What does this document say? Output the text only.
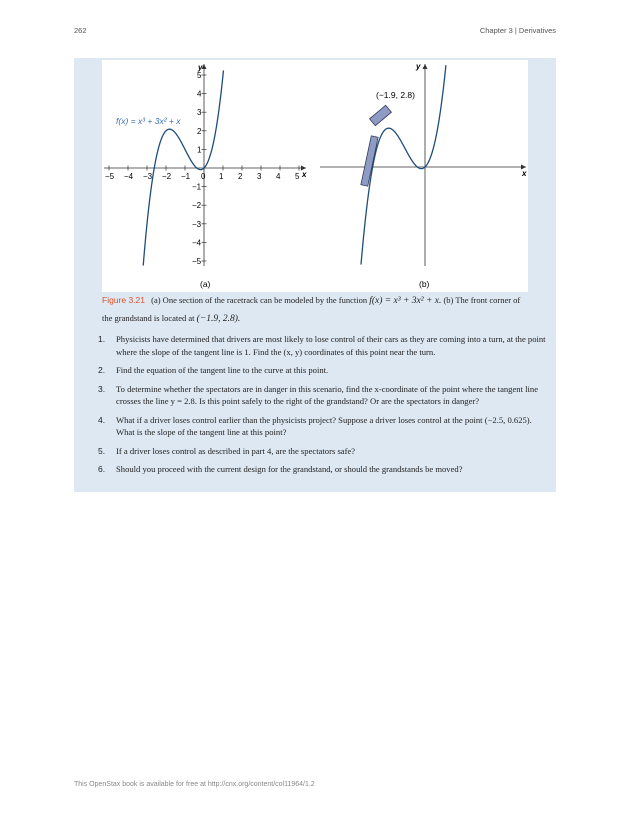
262	Chapter 3 | Derivatives
−5 −4 −3 −2 −1 0 1 2 3 4 5
5
4
3
2
1
−1
−2
−3
−4
−5
x
y
f(x) = x³ + 3x² + x
(a)
x
y
(−1.9, 2.8)
(b)
Figure 3.21 (a) One section of the racetrack can be modeled by the function f(x) = x³ + 3x² + x. (b) The front corner of the grandstand is located at (−1.9, 2.8).
1. Physicists have determined that drivers are most likely to lose control of their cars as they are coming into a turn, at the point where the slope of the tangent line is 1. Find the (x, y) coordinates of this point near the turn.
2. Find the equation of the tangent line to the curve at this point.
3. To determine whether the spectators are in danger in this scenario, find the x-coordinate of the point where the tangent line crosses the line y = 2.8. Is this point safely to the right of the grandstand? Or are the spectators in danger?
4. What if a driver loses control earlier than the physicists project? Suppose a driver loses control at the point (−2.5, 0.625). What is the slope of the tangent line at this point?
5. If a driver loses control as described in part 4, are the spectators safe?
6. Should you proceed with the current design for the grandstand, or should the grandstands be moved?
This OpenStax book is available for free at http://cnx.org/content/col11964/1.2
